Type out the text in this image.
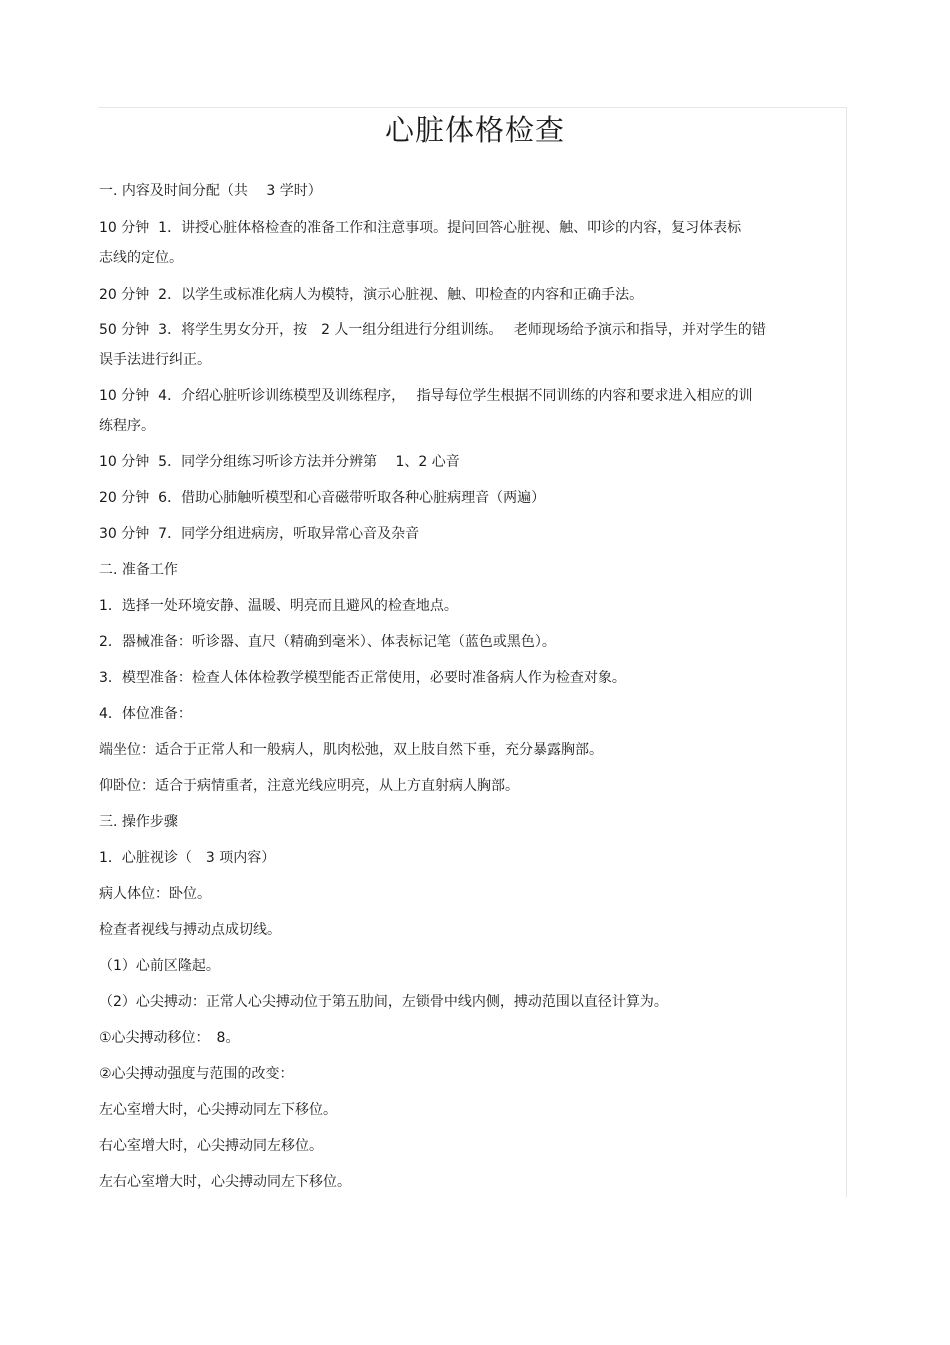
心脏体格检查

一. 内容及时间分配（共　 3 学时）

10 分钟  1．讲授心脏体格检查的准备工作和注意事项。提问回答心脏视、触、叩诊的内容，复习体表标

志线的定位。

20 分钟  2．以学生或标准化病人为模特，演示心脏视、触、叩检查的内容和正确手法。

50 分钟  3．将学生男女分开，按　2 人一组分组进行分组训练。　 老师现场给予演示和指导，并对学生的错

误手法进行纠正。

10 分钟  4．介绍心脏听诊训练模型及训练程序，　 指导每位学生根据不同训练的内容和要求进入相应的训

练程序。

10 分钟  5．同学分组练习听诊方法并分辨第　 1、2 心音

20 分钟  6．借助心肺触听模型和心音磁带听取各种心脏病理音（两遍）

30 分钟  7．同学分组进病房，听取异常心音及杂音

二. 准备工作

1．选择一处环境安静、温暖、明亮而且避风的检查地点。

2．器械准备：听诊器、直尺（精确到毫米）、体表标记笔（蓝色或黑色）。

3．模型准备：检查人体体检教学模型能否正常使用，必要时准备病人作为检查对象。

4．体位准备：

端坐位：适合于正常人和一般病人，肌肉松弛，双上肢自然下垂，充分暴露胸部。

仰卧位：适合于病情重者，注意光线应明亮，从上方直射病人胸部。

三. 操作步骤

1．心脏视诊（　3 项内容）

病人体位：卧位。

检查者视线与搏动点成切线。

（1）心前区隆起。

（2）心尖搏动：正常人心尖搏动位于第五肋间，左锁骨中线内侧，搏动范围以直径计算为。

①心尖搏动移位：　8。

②心尖搏动强度与范围的改变：

左心室增大时，心尖搏动同左下移位。

右心室增大时，心尖搏动同左移位。

左右心室增大时，心尖搏动同左下移位。
